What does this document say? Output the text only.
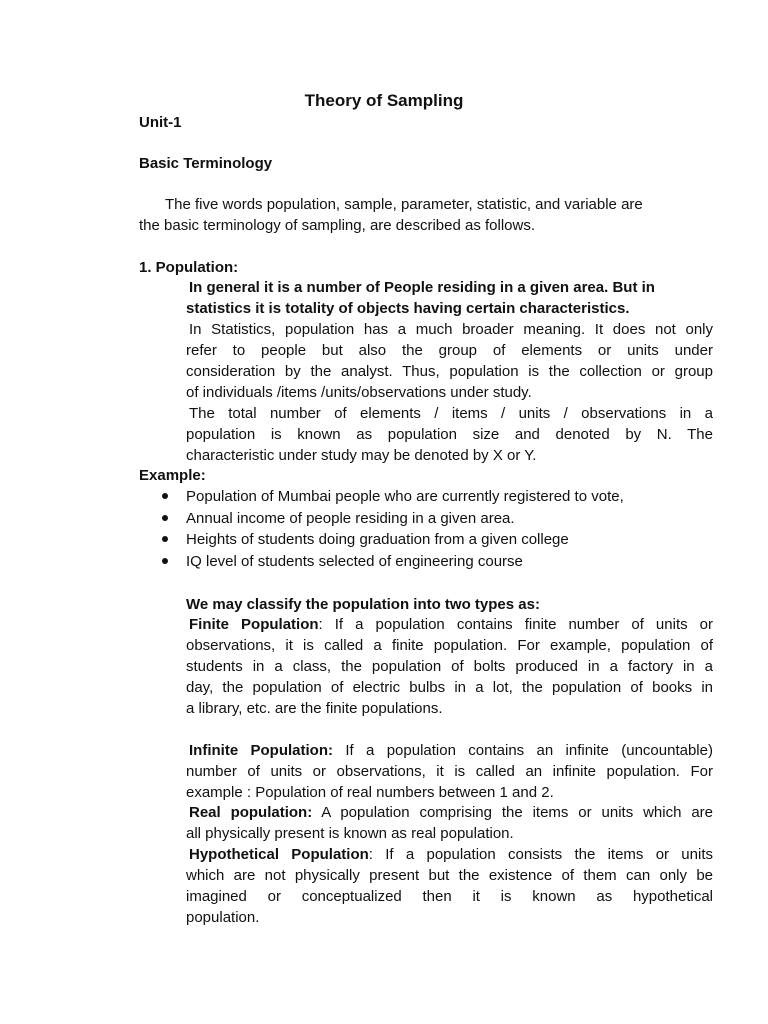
Theory of Sampling
Unit-1
Basic Terminology
The five words population, sample, parameter, statistic, and variable are
the basic terminology of sampling, are described as follows.
1. Population:
In general it is a number of People residing in a given area. But in
statistics it is totality of objects having certain characteristics.
In Statistics, population has a much broader meaning. It does not only
refer to people but also the group of elements or units under
consideration by the analyst. Thus, population is the collection or group
of individuals /items /units/observations under study.
The total number of elements / items / units / observations in a
population is known as population size and denoted by N. The
characteristic under study may be denoted by X or Y.
Example:
Population of Mumbai people who are currently registered to vote,
Annual income of people residing in a given area.
Heights of students doing graduation from a given college
IQ level of students selected of engineering course
We may classify the population into two types as:
Finite Population: If a population contains finite number of units or
observations, it is called a finite population. For example, population of
students in a class, the population of bolts produced in a factory in a
day, the population of electric bulbs in a lot, the population of books in
a library, etc. are the finite populations.
Infinite Population: If a population contains an infinite (uncountable)
number of units or observations, it is called an infinite population. For
example : Population of real numbers between 1 and 2.
Real population: A population comprising the items or units which are
all physically present is known as real population.
Hypothetical Population: If a population consists the items or units
which are not physically present but the existence of them can only be
imagined or conceptualized then it is known as hypothetical
population.
